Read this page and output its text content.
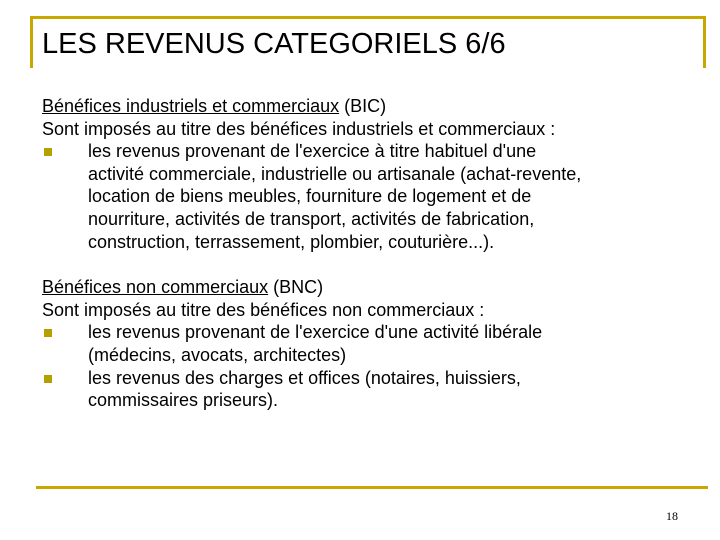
LES REVENUS CATEGORIELS 6/6
Bénéfices industriels et commerciaux (BIC)
Sont imposés au titre des bénéfices industriels et commerciaux :
les revenus provenant de l'exercice à titre habituel d'une
activité commerciale, industrielle ou artisanale (achat-revente,
location de biens meubles, fourniture de logement et de
nourriture, activités de transport, activités de fabrication,
construction, terrassement, plombier, couturière...).
Bénéfices non commerciaux (BNC)
Sont imposés au titre des bénéfices non commerciaux :
les revenus provenant de l'exercice d'une activité libérale
(médecins, avocats, architectes)
les revenus des charges et offices (notaires, huissiers,
commissaires priseurs).
18
